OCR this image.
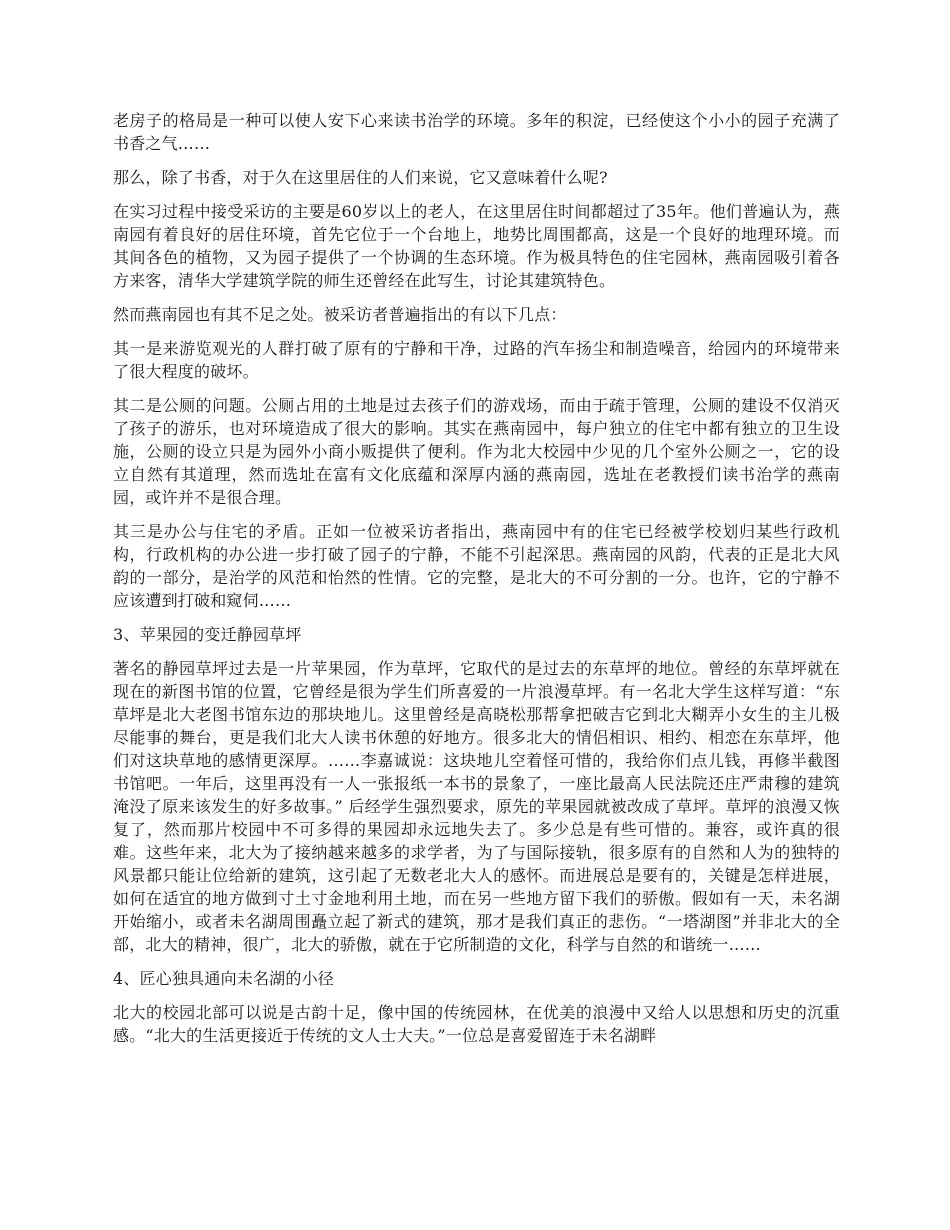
老房子的格局是一种可以使人安下心来读书治学的环境。多年的积淀，已经使这个小小的园子充满了书香之气……

那么，除了书香，对于久在这里居住的人们来说，它又意味着什么呢?

在实习过程中接受采访的主要是60岁以上的老人，在这里居住时间都超过了35年。他们普遍认为，燕南园有着良好的居住环境，首先它位于一个台地上，地势比周围都高，这是一个良好的地理环境。而其间各色的植物，又为园子提供了一个协调的生态环境。作为极具特色的住宅园林，燕南园吸引着各方来客，清华大学建筑学院的师生还曾经在此写生，讨论其建筑特色。

然而燕南园也有其不足之处。被采访者普遍指出的有以下几点：

其一是来游览观光的人群打破了原有的宁静和干净，过路的汽车扬尘和制造噪音，给园内的环境带来了很大程度的破坏。

其二是公厕的问题。公厕占用的土地是过去孩子们的游戏场，而由于疏于管理，公厕的建设不仅消灭了孩子的游乐，也对环境造成了很大的影响。其实在燕南园中，每户独立的住宅中都有独立的卫生设施，公厕的设立只是为园外小商小贩提供了便利。作为北大校园中少见的几个室外公厕之一，它的设立自然有其道理，然而选址在富有文化底蕴和深厚内涵的燕南园，选址在老教授们读书治学的燕南园，或许并不是很合理。

其三是办公与住宅的矛盾。正如一位被采访者指出，燕南园中有的住宅已经被学校划归某些行政机构，行政机构的办公进一步打破了园子的宁静，不能不引起深思。燕南园的风韵，代表的正是北大风韵的一部分，是治学的风范和怡然的性情。它的完整，是北大的不可分割的一分。也许，它的宁静不应该遭到打破和窥伺……

3、苹果园的变迁静园草坪

著名的静园草坪过去是一片苹果园，作为草坪，它取代的是过去的东草坪的地位。曾经的东草坪就在现在的新图书馆的位置，它曾经是很为学生们所喜爱的一片浪漫草坪。有一名北大学生这样写道：“东草坪是北大老图书馆东边的那块地儿。这里曾经是高晓松那帮拿把破吉它到北大糊弄小女生的主儿极尽能事的舞台，更是我们北大人读书休憩的好地方。很多北大的情侣相识、相约、相恋在东草坪，他们对这块草地的感情更深厚。……李嘉诚说：这块地儿空着怪可惜的，我给你们点儿钱，再修半截图书馆吧。一年后，这里再没有一人一张报纸一本书的景象了，一座比最高人民法院还庄严肃穆的建筑淹没了原来该发生的好多故事。” 后经学生强烈要求，原先的苹果园就被改成了草坪。草坪的浪漫又恢复了，然而那片校园中不可多得的果园却永远地失去了。多少总是有些可惜的。兼容，或许真的很难。这些年来，北大为了接纳越来越多的求学者，为了与国际接轨，很多原有的自然和人为的独特的风景都只能让位给新的建筑，这引起了无数老北大人的感怀。而进展总是要有的，关键是怎样进展，如何在适宜的地方做到寸土寸金地利用土地，而在另一些地方留下我们的骄傲。假如有一天，未名湖开始缩小，或者未名湖周围矗立起了新式的建筑，那才是我们真正的悲伤。“一塔湖图”并非北大的全部，北大的精神，很广，北大的骄傲，就在于它所制造的文化，科学与自然的和谐统一……

4、匠心独具通向未名湖的小径

北大的校园北部可以说是古韵十足，像中国的传统园林，在优美的浪漫中又给人以思想和历史的沉重感。“北大的生活更接近于传统的文人士大夫。”一位总是喜爱留连于未名湖畔
